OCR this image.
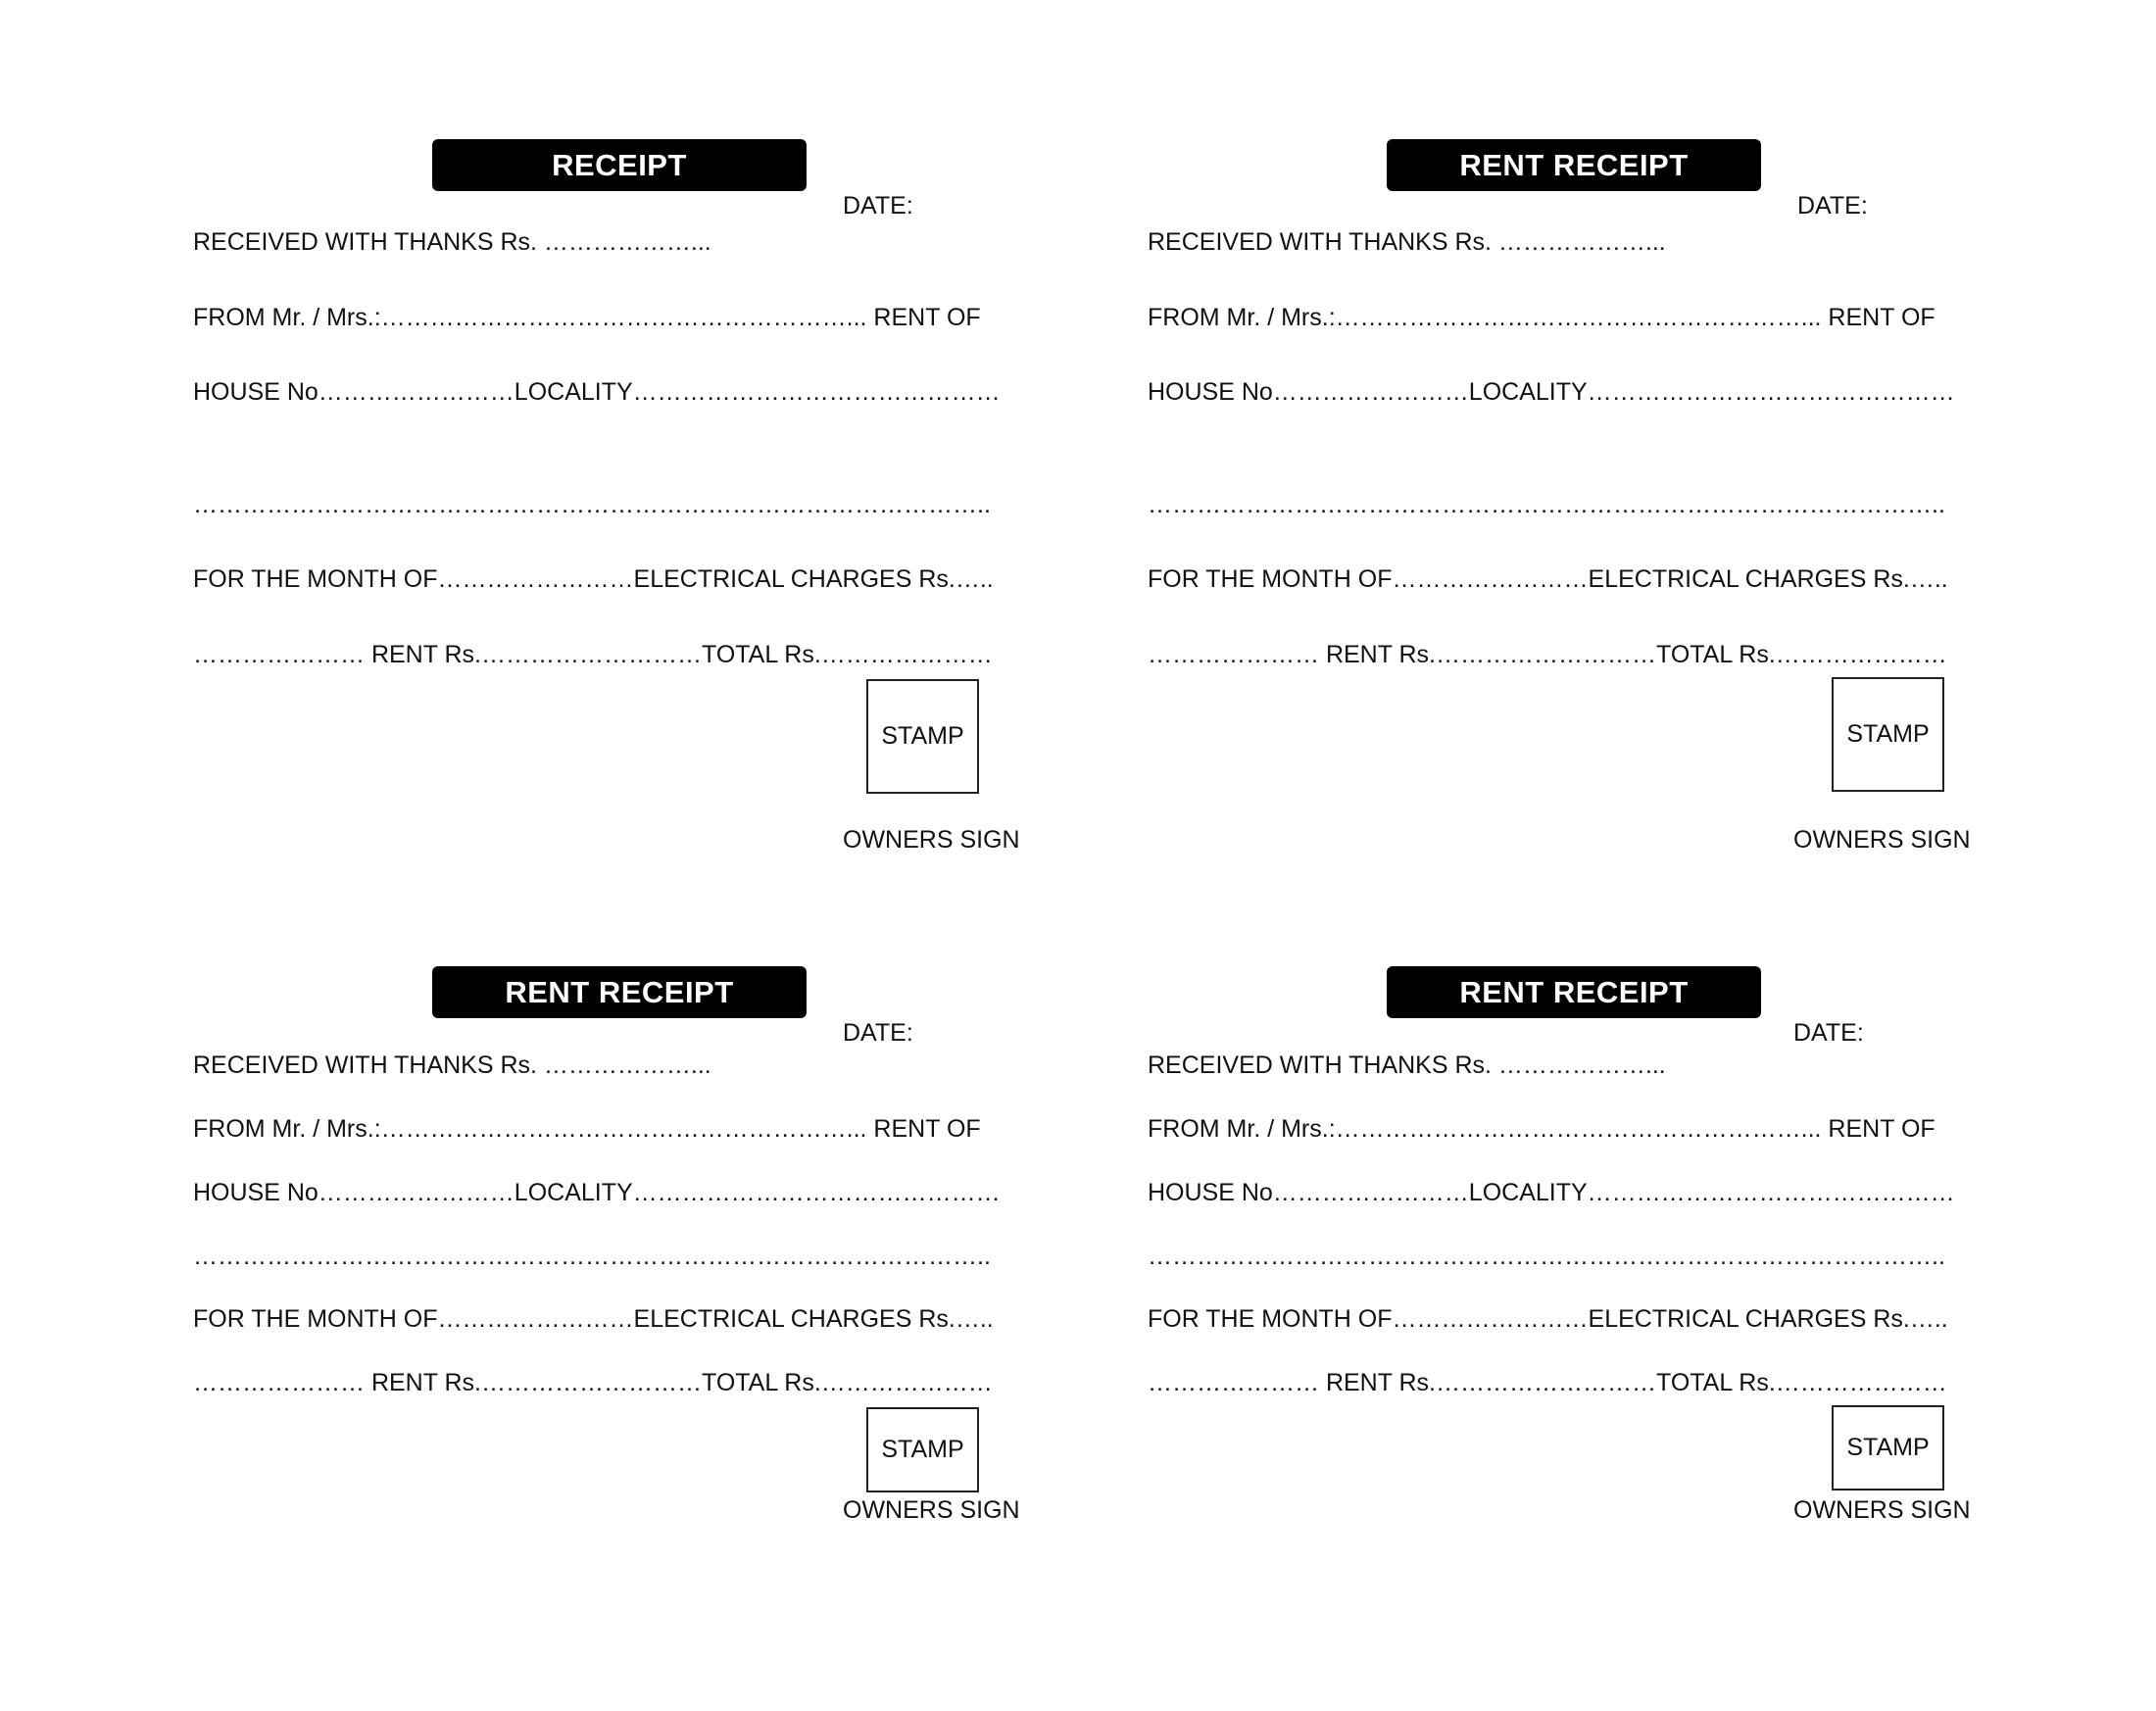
RECEIPT
DATE:
RECEIVED WITH THANKS Rs. ………………...
FROM Mr. / Mrs.:…………………………………………………... RENT OF
HOUSE No……………………LOCALITY………………………………………
……………………………………………………………………………………..
FOR THE MONTH OF……………………ELECTRICAL CHARGES Rs.…..
………………… RENT Rs.………………………TOTAL Rs.…………………
STAMP
OWNERS SIGN
RENT RECEIPT
DATE:
RECEIVED WITH THANKS Rs. ………………...
FROM Mr. / Mrs.:…………………………………………………... RENT OF
HOUSE No……………………LOCALITY………………………………………
……………………………………………………………………………………..
FOR THE MONTH OF……………………ELECTRICAL CHARGES Rs.…..
………………… RENT Rs.………………………TOTAL Rs.…………………
STAMP
OWNERS SIGN
RENT RECEIPT
DATE:
RECEIVED WITH THANKS Rs. ………………...
FROM Mr. / Mrs.:…………………………………………………... RENT OF
HOUSE No……………………LOCALITY………………………………………
……………………………………………………………………………………..
FOR THE MONTH OF……………………ELECTRICAL CHARGES Rs.…..
………………… RENT Rs.………………………TOTAL Rs.…………………
STAMP
OWNERS SIGN
RENT RECEIPT
DATE:
RECEIVED WITH THANKS Rs. ………………...
FROM Mr. / Mrs.:…………………………………………………... RENT OF
HOUSE No……………………LOCALITY………………………………………
……………………………………………………………………………………..
FOR THE MONTH OF……………………ELECTRICAL CHARGES Rs.…..
………………… RENT Rs.………………………TOTAL Rs.…………………
STAMP
OWNERS SIGN
